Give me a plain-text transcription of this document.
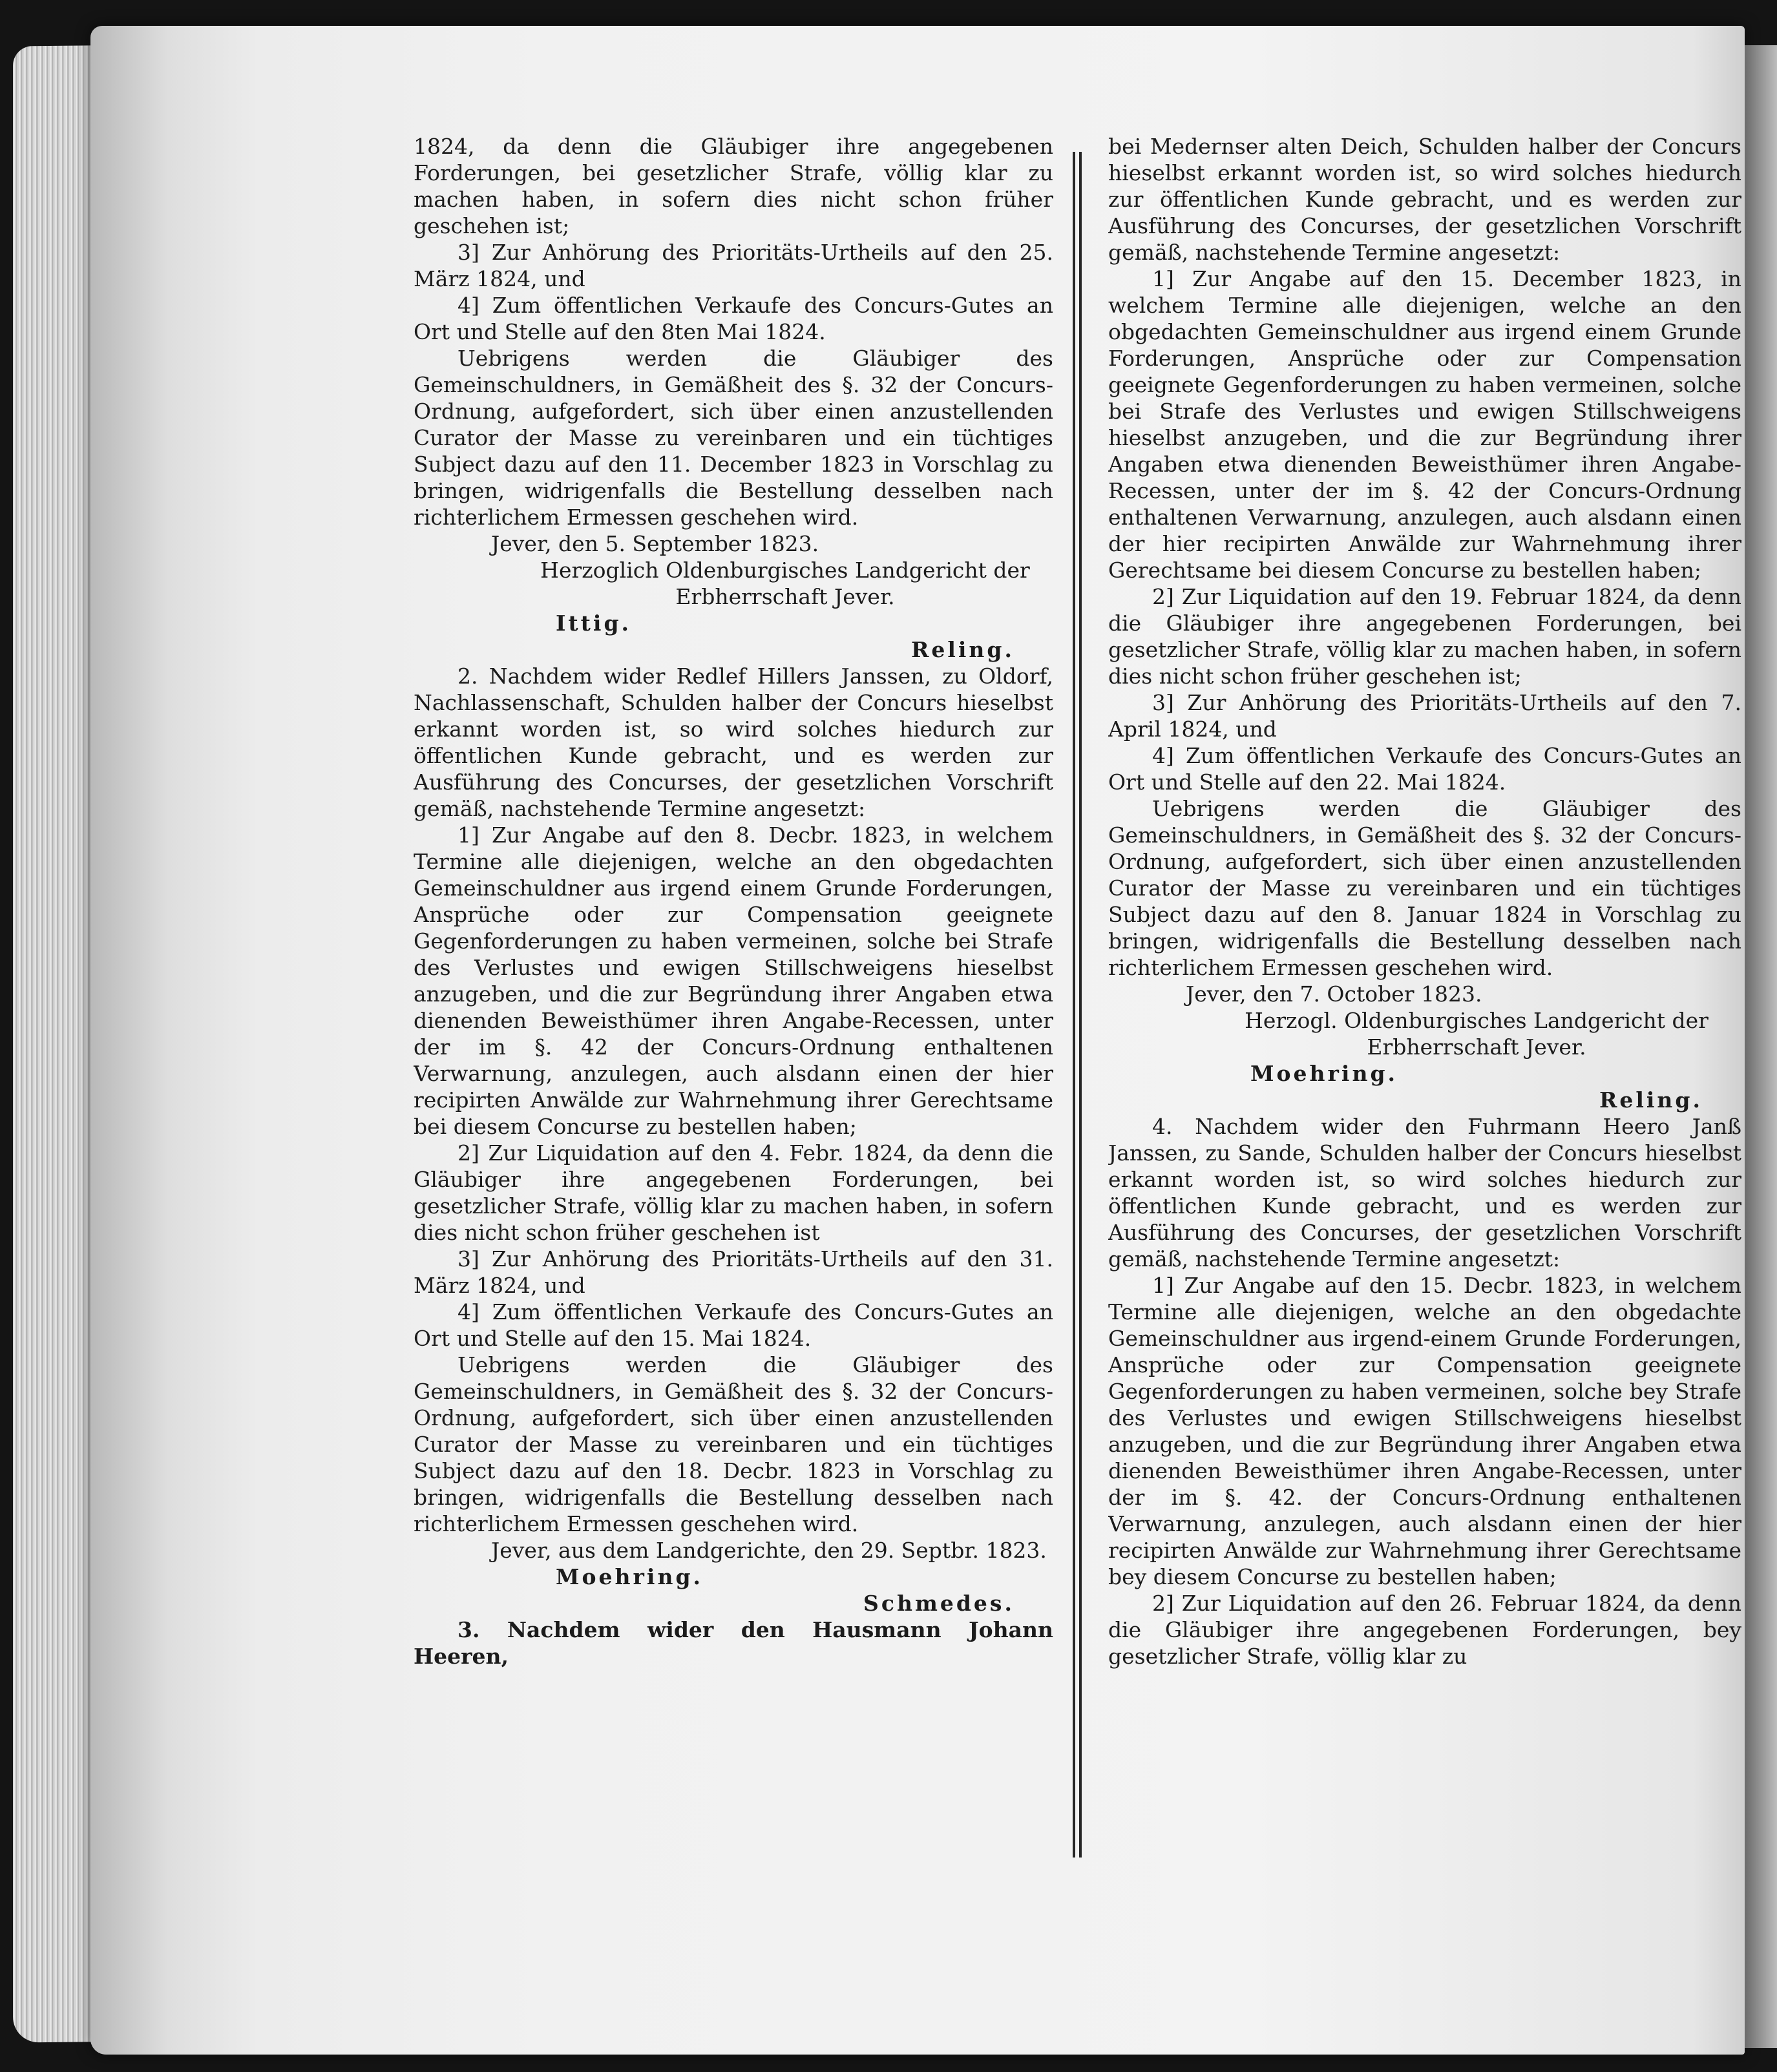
1824, da denn die Gläubiger ihre angegebenen Forderungen, bei gesetzlicher Strafe, völlig klar zu machen haben, in sofern dies nicht schon früher geschehen ist;

3] Zur Anhörung des Prioritäts-Urtheils auf den 25. März 1824, und

4] Zum öffentlichen Verkaufe des Concurs-Gutes an Ort und Stelle auf den 8ten Mai 1824.

Uebrigens werden die Gläubiger des Gemeinschuldners, in Gemäßheit des §. 32 der Concurs-Ordnung, aufgefordert, sich über einen anzustellenden Curator der Masse zu vereinbaren und ein tüchtiges Subject dazu auf den 11. December 1823 in Vorschlag zu bringen, widrigenfalls die Bestellung desselben nach richterlichem Ermessen geschehen wird.

Jever, den 5. September 1823.

Herzoglich Oldenburgisches Landgericht der Erbherrschaft Jever.

Ittig.
Reling.

2. Nachdem wider Redlef Hillers Janssen, zu Oldorf, Nachlassenschaft, Schulden halber der Concurs hieselbst erkannt worden ist, so wird solches hiedurch zur öffentlichen Kunde gebracht, und es werden zur Ausführung des Concurses, der gesetzlichen Vorschrift gemäß, nachstehende Termine angesetzt:

1] Zur Angabe auf den 8. Decbr. 1823, in welchem Termine alle diejenigen, welche an den obgedachten Gemeinschuldner aus irgend einem Grunde Forderungen, Ansprüche oder zur Compensation geeignete Gegenforderungen zu haben vermeinen, solche bei Strafe des Verlustes und ewigen Stillschweigens hieselbst anzugeben, und die zur Begründung ihrer Angaben etwa dienenden Beweisthümer ihren Angabe-Recessen, unter der im §. 42 der Concurs-Ordnung enthaltenen Verwarnung, anzulegen, auch alsdann einen der hier recipirten Anwälde zur Wahrnehmung ihrer Gerechtsame bei diesem Concurse zu bestellen haben;

2] Zur Liquidation auf den 4. Febr. 1824, da denn die Gläubiger ihre angegebenen Forderungen, bei gesetzlicher Strafe, völlig klar zu machen haben, in sofern dies nicht schon früher geschehen ist

3] Zur Anhörung des Prioritäts-Urtheils auf den 31. März 1824, und

4] Zum öffentlichen Verkaufe des Concurs-Gutes an Ort und Stelle auf den 15. Mai 1824.

Uebrigens werden die Gläubiger des Gemeinschuldners, in Gemäßheit des §. 32 der Concurs-Ordnung, aufgefordert, sich über einen anzustellenden Curator der Masse zu vereinbaren und ein tüchtiges Subject dazu auf den 18. Decbr. 1823 in Vorschlag zu bringen, widrigenfalls die Bestellung desselben nach richterlichem Ermessen geschehen wird.

Jever, aus dem Landgerichte, den 29. Septbr. 1823.

Moehring.
Schmedes.

3. Nachdem wider den Hausmann Johann Heeren,

bei Medernser alten Deich, Schulden halber der Concurs hieselbst erkannt worden ist, so wird solches hiedurch zur öffentlichen Kunde gebracht, und es werden zur Ausführung des Concurses, der gesetzlichen Vorschrift gemäß, nachstehende Termine angesetzt:

1] Zur Angabe auf den 15. December 1823, in welchem Termine alle diejenigen, welche an den obgedachten Gemeinschuldner aus irgend einem Grunde Forderungen, Ansprüche oder zur Compensation geeignete Gegenforderungen zu haben vermeinen, solche bei Strafe des Verlustes und ewigen Stillschweigens hieselbst anzugeben, und die zur Begründung ihrer Angaben etwa dienenden Beweisthümer ihren Angabe-Recessen, unter der im §. 42 der Concurs-Ordnung enthaltenen Verwarnung, anzulegen, auch alsdann einen der hier recipirten Anwälde zur Wahrnehmung ihrer Gerechtsame bei diesem Concurse zu bestellen haben;

2] Zur Liquidation auf den 19. Februar 1824, da denn die Gläubiger ihre angegebenen Forderungen, bei gesetzlicher Strafe, völlig klar zu machen haben, in sofern dies nicht schon früher geschehen ist;

3] Zur Anhörung des Prioritäts-Urtheils auf den 7. April 1824, und

4] Zum öffentlichen Verkaufe des Concurs-Gutes an Ort und Stelle auf den 22. Mai 1824.

Uebrigens werden die Gläubiger des Gemeinschuldners, in Gemäßheit des §. 32 der Concurs-Ordnung, aufgefordert, sich über einen anzustellenden Curator der Masse zu vereinbaren und ein tüchtiges Subject dazu auf den 8. Januar 1824 in Vorschlag zu bringen, widrigenfalls die Bestellung desselben nach richterlichem Ermessen geschehen wird.

Jever, den 7. October 1823.

Herzogl. Oldenburgisches Landgericht der Erbherrschaft Jever.

Moehring.
Reling.

4. Nachdem wider den Fuhrmann Heero Janß Janssen, zu Sande, Schulden halber der Concurs hieselbst erkannt worden ist, so wird solches hiedurch zur öffentlichen Kunde gebracht, und es werden zur Ausführung des Concurses, der gesetzlichen Vorschrift gemäß, nachstehende Termine angesetzt:

1] Zur Angabe auf den 15. Decbr. 1823, in welchem Termine alle diejenigen, welche an den obgedachte Gemeinschuldner aus irgend-einem Grunde Forderungen, Ansprüche oder zur Compensation geeignete Gegenforderungen zu haben vermeinen, solche bey Strafe des Verlustes und ewigen Stillschweigens hieselbst anzugeben, und die zur Begründung ihrer Angaben etwa dienenden Beweisthümer ihren Angabe-Recessen, unter der im §. 42. der Concurs-Ordnung enthaltenen Verwarnung, anzulegen, auch alsdann einen der hier recipirten Anwälde zur Wahrnehmung ihrer Gerechtsame bey diesem Concurse zu bestellen haben;

2] Zur Liquidation auf den 26. Februar 1824, da denn die Gläubiger ihre angegebenen Forderungen, bey gesetzlicher Strafe, völlig klar zu
